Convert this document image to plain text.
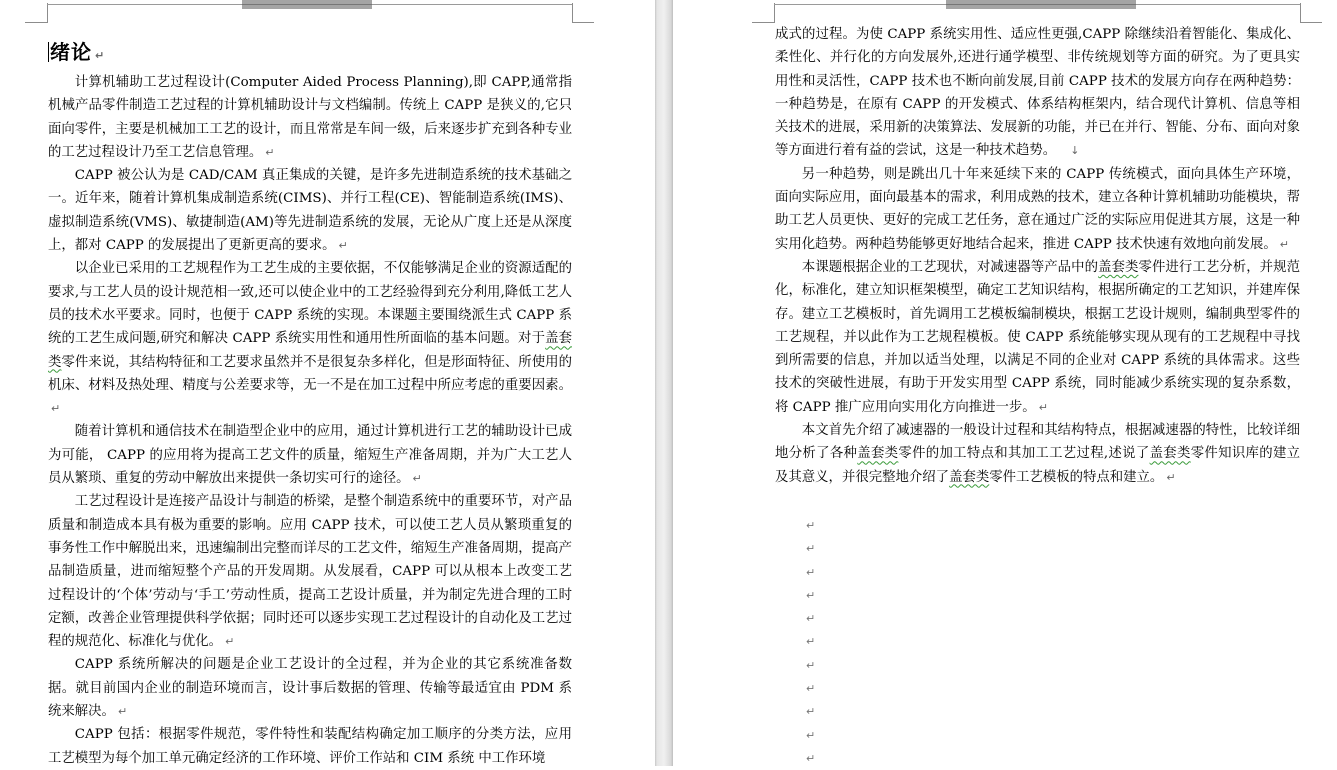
绪论 ↵

计算机辅助工艺过程设计(Computer Aided Process Planning),即 CAPP,通常指机械产品零件制造工艺过程的计算机辅助设计与文档编制。传统上 CAPP 是狭义的,它只面向零件，主要是机械加工工艺的设计，而且常常是车间一级，后来逐步扩充到各种专业的工艺过程设计乃至工艺信息管理。 ↵

CAPP 被公认为是 CAD/CAM 真正集成的关键，是许多先进制造系统的技术基础之一。近年来，随着计算机集成制造系统(CIMS)、并行工程(CE)、智能制造系统(IMS)、虚拟制造系统(VMS)、敏捷制造(AM)等先进制造系统的发展，无论从广度上还是从深度上，都对 CAPP 的发展提出了更新更高的要求。 ↵

以企业已采用的工艺规程作为工艺生成的主要依据，不仅能够满足企业的资源适配的要求,与工艺人员的设计规范相一致,还可以使企业中的工艺经验得到充分利用,降低工艺人员的技术水平要求。同时，也便于 CAPP 系统的实现。本课题主要围绕派生式 CAPP 系统的工艺生成问题,研究和解决 CAPP 系统实用性和通用性所面临的基本问题。对于盖套类零件来说，其结构特征和工艺要求虽然并不是很复杂多样化，但是形面特征、所使用的机床、材料及热处理、精度与公差要求等，无一不是在加工过程中所应考虑的重要因素。↵

随着计算机和通信技术在制造型企业中的应用，通过计算机进行工艺的辅助设计已成为可能， CAPP 的应用将为提高工艺文件的质量，缩短生产准备周期，并为广大工艺人员从繁琐、重复的劳动中解放出来提供一条切实可行的途径。 ↵

工艺过程设计是连接产品设计与制造的桥梁，是整个制造系统中的重要环节，对产品质量和制造成本具有极为重要的影响。应用 CAPP 技术，可以使工艺人员从繁琐重复的事务性工作中解脱出来，迅速编制出完整而详尽的工艺文件，缩短生产准备周期，提高产品制造质量，进而缩短整个产品的开发周期。从发展看，CAPP 可以从根本上改变工艺过程设计的‘个体’劳动与‘手工’劳动性质，提高工艺设计质量，并为制定先进合理的工时定额，改善企业管理提供科学依据；同时还可以逐步实现工艺过程设计的自动化及工艺过程的规范化、标准化与优化。 ↵

CAPP 系统所解决的问题是企业工艺设计的全过程，并为企业的其它系统准备数据。就目前国内企业的制造环境而言，设计事后数据的管理、传输等最适宜由 PDM 系统来解决。 ↵

CAPP 包括：根据零件规范，零件特性和装配结构确定加工顺序的分类方法，应用工艺模型为每个加工单元确定经济的工作环境、评价工作站和 CIM 系统 中工作环境

成式的过程。为使 CAPP 系统实用性、适应性更强,CAPP 除继续沿着智能化、集成化、柔性化、并行化的方向发展外,还进行通学模型、非传统规划等方面的研究。为了更具实用性和灵活性，CAPP 技术也不断向前发展,目前 CAPP 技术的发展方向存在两种趋势：一种趋势是，在原有 CAPP 的开发模式、体系结构框架内，结合现代计算机、信息等相关技术的进展，采用新的决策算法、发展新的功能，并已在并行、智能、分布、面向对象等方面进行着有益的尝试，这是一种技术趋势。 ↓

另一种趋势，则是跳出几十年来延续下来的 CAPP 传统模式，面向具体生产环境，面向实际应用，面向最基本的需求，利用成熟的技术，建立各种计算机辅助功能模块，帮助工艺人员更快、更好的完成工艺任务，意在通过广泛的实际应用促进其方展，这是一种实用化趋势。两种趋势能够更好地结合起来，推进 CAPP 技术快速有效地向前发展。 ↵

本课题根据企业的工艺现状，对减速器等产品中的盖套类零件进行工艺分析，并规范化，标准化，建立知识框架模型，确定工艺知识结构，根据所确定的工艺知识，并建库保存。建立工艺模板时，首先调用工艺模板编制模块，根据工艺设计规则，编制典型零件的工艺规程，并以此作为工艺规程模板。使 CAPP 系统能够实现从现有的工艺规程中寻找到所需要的信息，并加以适当处理，以满足不同的企业对 CAPP 系统的具体需求。这些技术的突破性进展，有助于开发实用型 CAPP 系统，同时能减少系统实现的复杂系数，将 CAPP 推广应用向实用化方向推进一步。 ↵

本文首先介绍了减速器的一般设计过程和其结构特点，根据减速器的特性，比较详细地分析了各种盖套类零件的加工特点和其加工工艺过程,述说了盖套类零件知识库的建立及其意义，并很完整地介绍了盖套类零件工艺模板的特点和建立。 ↵

↵
↵
↵
↵
↵
↵
↵
↵
↵
↵
↵
